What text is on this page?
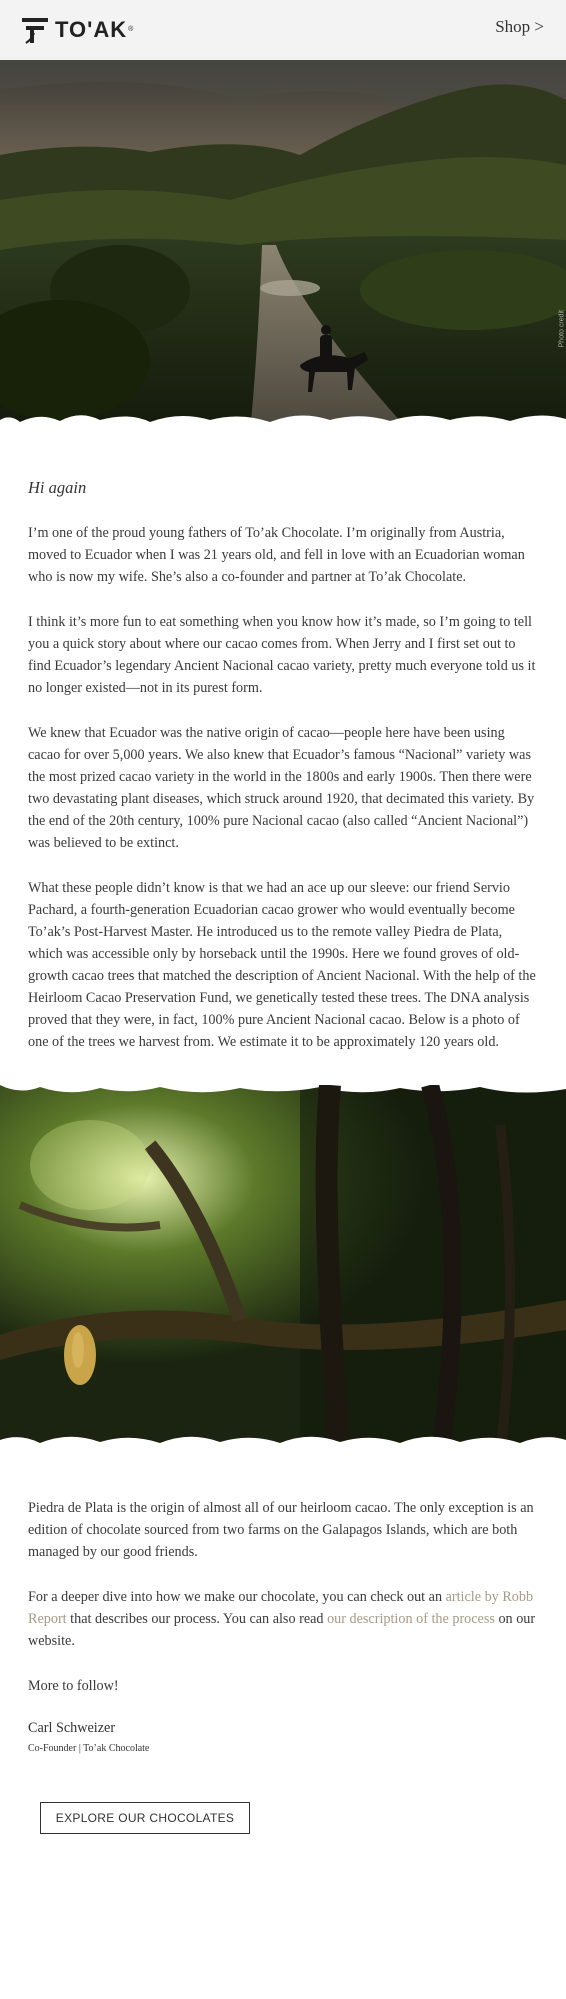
TO'AK®	Shop >
Photo credit
Hi again

I’m one of the proud young fathers of To’ak Chocolate. I’m originally from Austria, moved to Ecuador when I was 21 years old, and fell in love with an Ecuadorian woman who is now my wife. She’s also a co-founder and partner at To’ak Chocolate.

I think it’s more fun to eat something when you know how it’s made, so I’m going to tell you a quick story about where our cacao comes from. When Jerry and I first set out to find Ecuador’s legendary Ancient Nacional cacao variety, pretty much everyone told us it no longer existed—not in its purest form.

We knew that Ecuador was the native origin of cacao—people here have been using cacao for over 5,000 years. We also knew that Ecuador’s famous “Nacional” variety was the most prized cacao variety in the world in the 1800s and early 1900s. Then there were two devastating plant diseases, which struck around 1920, that decimated this variety. By the end of the 20th century, 100% pure Nacional cacao (also called “Ancient Nacional”) was believed to be extinct.

What these people didn’t know is that we had an ace up our sleeve: our friend Servio Pachard, a fourth-generation Ecuadorian cacao grower who would eventually become To’ak’s Post-Harvest Master. He introduced us to the remote valley Piedra de Plata, which was accessible only by horseback until the 1990s. Here we found groves of old-growth cacao trees that matched the description of Ancient Nacional. With the help of the Heirloom Cacao Preservation Fund, we genetically tested these trees. The DNA analysis proved that they were, in fact, 100% pure Ancient Nacional cacao. Below is a photo of one of the trees we harvest from. We estimate it to be approximately 120 years old.

Piedra de Plata is the origin of almost all of our heirloom cacao. The only exception is an edition of chocolate sourced from two farms on the Galapagos Islands, which are both managed by our good friends.

For a deeper dive into how we make our chocolate, you can check out an article by Robb Report that describes our process. You can also read our description of the process on our website.

More to follow!

Carl Schweizer

Co-Founder | To’ak Chocolate

EXPLORE OUR CHOCOLATES
